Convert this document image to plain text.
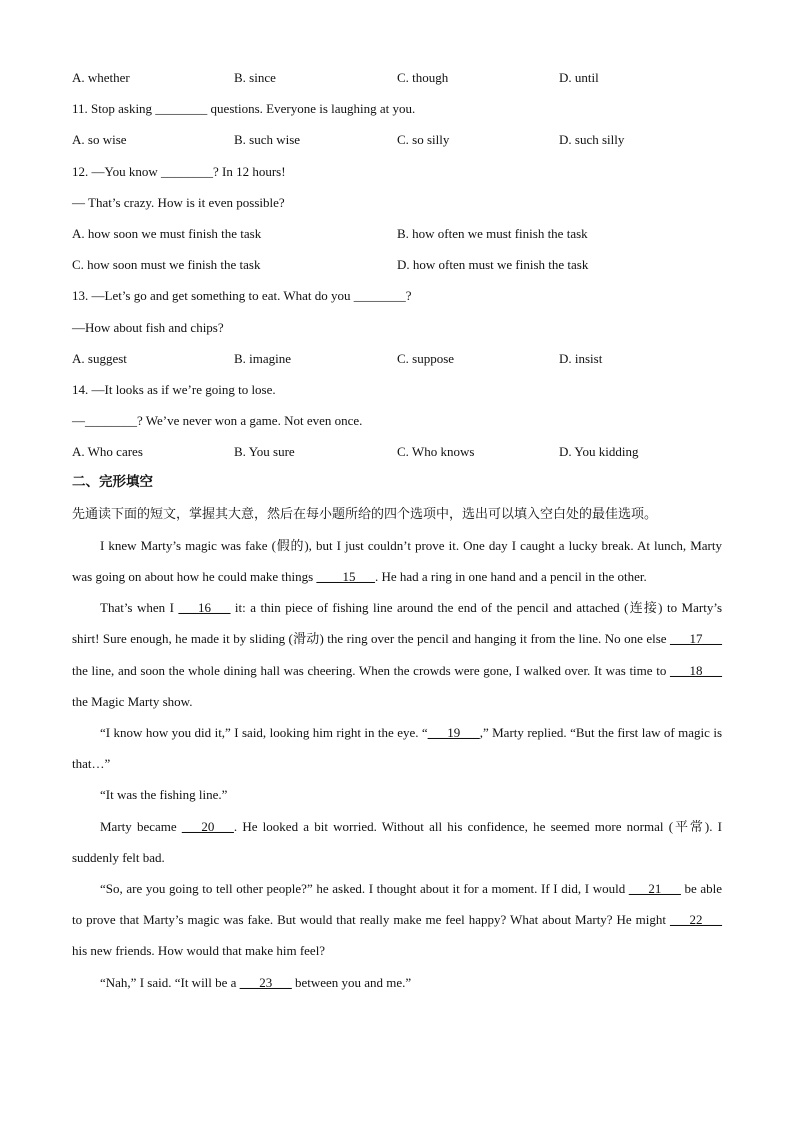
A. whether	B. since	C. though	D. until
11. Stop asking ________ questions. Everyone is laughing at you.
A. so wise	B. such wise	C. so silly	D. such silly
12. —You know ________? In 12 hours!
— That’s crazy. How is it even possible?
A. how soon we must finish the task	B. how often we must finish the task
C. how soon must we finish the task	D. how often must we finish the task
13. —Let’s go and get something to eat. What do you ________?
—How about fish and chips?
A. suggest	B. imagine	C. suppose	D. insist
14. —It looks as if we’re going to lose.
—________? We’ve never won a game. Not even once.
A. Who cares	B. You sure	C. Who knows	D. You kidding
二、完形填空
先通读下面的短文，掌握其大意，然后在每小题所给的四个选项中，选出可以填入空白处的最佳选项。
I knew Marty’s magic was fake (假的), but I just couldn’t prove it. One day I caught a lucky break. At lunch, Marty was going on about how he could make things ____15___. He had a ring in one hand and a pencil in the other.
That’s when I ___16___ it: a thin piece of fishing line around the end of the pencil and attached (连接) to Marty’s shirt! Sure enough, he made it by sliding (滑动) the ring over the pencil and hanging it from the line. No one else ___17___ the line, and soon the whole dining hall was cheering. When the crowds were gone, I walked over. It was time to ___18___ the Magic Marty show.
“I know how you did it,” I said, looking him right in the eye. “___19___,” Marty replied. “But the first law of magic is that…”
“It was the fishing line.”
Marty became ___20___. He looked a bit worried. Without all his confidence, he seemed more normal (平常). I suddenly felt bad.
“So, are you going to tell other people?” he asked. I thought about it for a moment. If I did, I would ___21___ be able to prove that Marty’s magic was fake. But would that really make me feel happy? What about Marty? He might ___22___ his new friends. How would that make him feel?
“Nah,” I said. “It will be a ___23___ between you and me.”
